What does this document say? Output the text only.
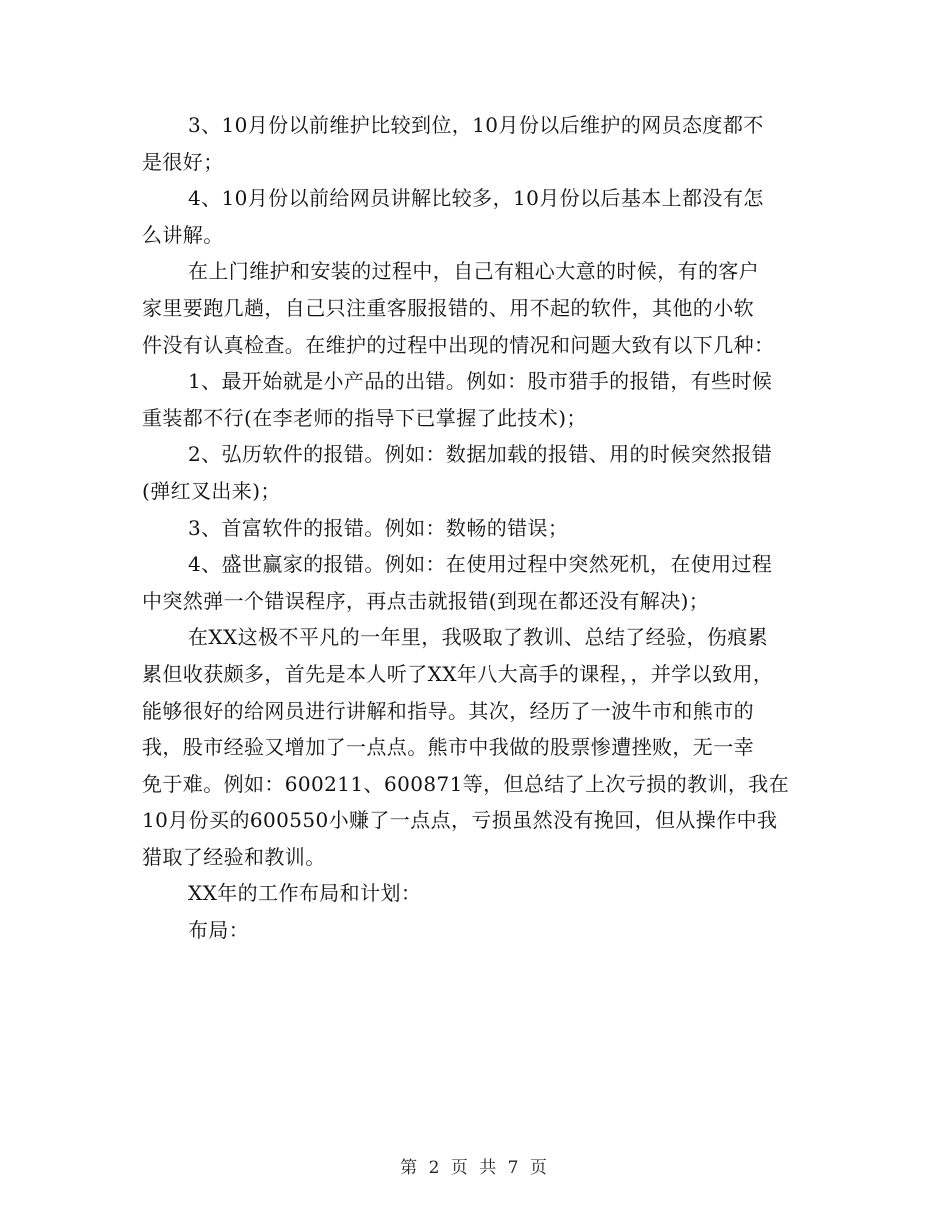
3、10月份以前维护比较到位，10月份以后维护的网员态度都不
是很好；
4、10月份以前给网员讲解比较多，10月份以后基本上都没有怎
么讲解。
在上门维护和安装的过程中，自己有粗心大意的时候，有的客户
家里要跑几趟，自己只注重客服报错的、用不起的软件，其他的小软
件没有认真检查。在维护的过程中出现的情况和问题大致有以下几种：
1、最开始就是小产品的出错。例如：股市猎手的报错，有些时候
重装都不行(在李老师的指导下已掌握了此技术)；
2、弘历软件的报错。例如：数据加载的报错、用的时候突然报错
(弹红叉出来)；
3、首富软件的报错。例如：数畅的错误；
4、盛世赢家的报错。例如：在使用过程中突然死机，在使用过程
中突然弹一个错误程序，再点击就报错(到现在都还没有解决)；
在XX这极不平凡的一年里，我吸取了教训、总结了经验，伤痕累
累但收获颇多，首先是本人听了XX年八大高手的课程，，并学以致用，
能够很好的给网员进行讲解和指导。其次，经历了一波牛市和熊市的
我，股市经验又增加了一点点。熊市中我做的股票惨遭挫败，无一幸
免于难。例如：600211、600871等，但总结了上次亏损的教训，我在
10月份买的600550小赚了一点点，亏损虽然没有挽回，但从操作中我
猎取了经验和教训。
XX年的工作布局和计划：
布局：
第 2 页 共 7 页
